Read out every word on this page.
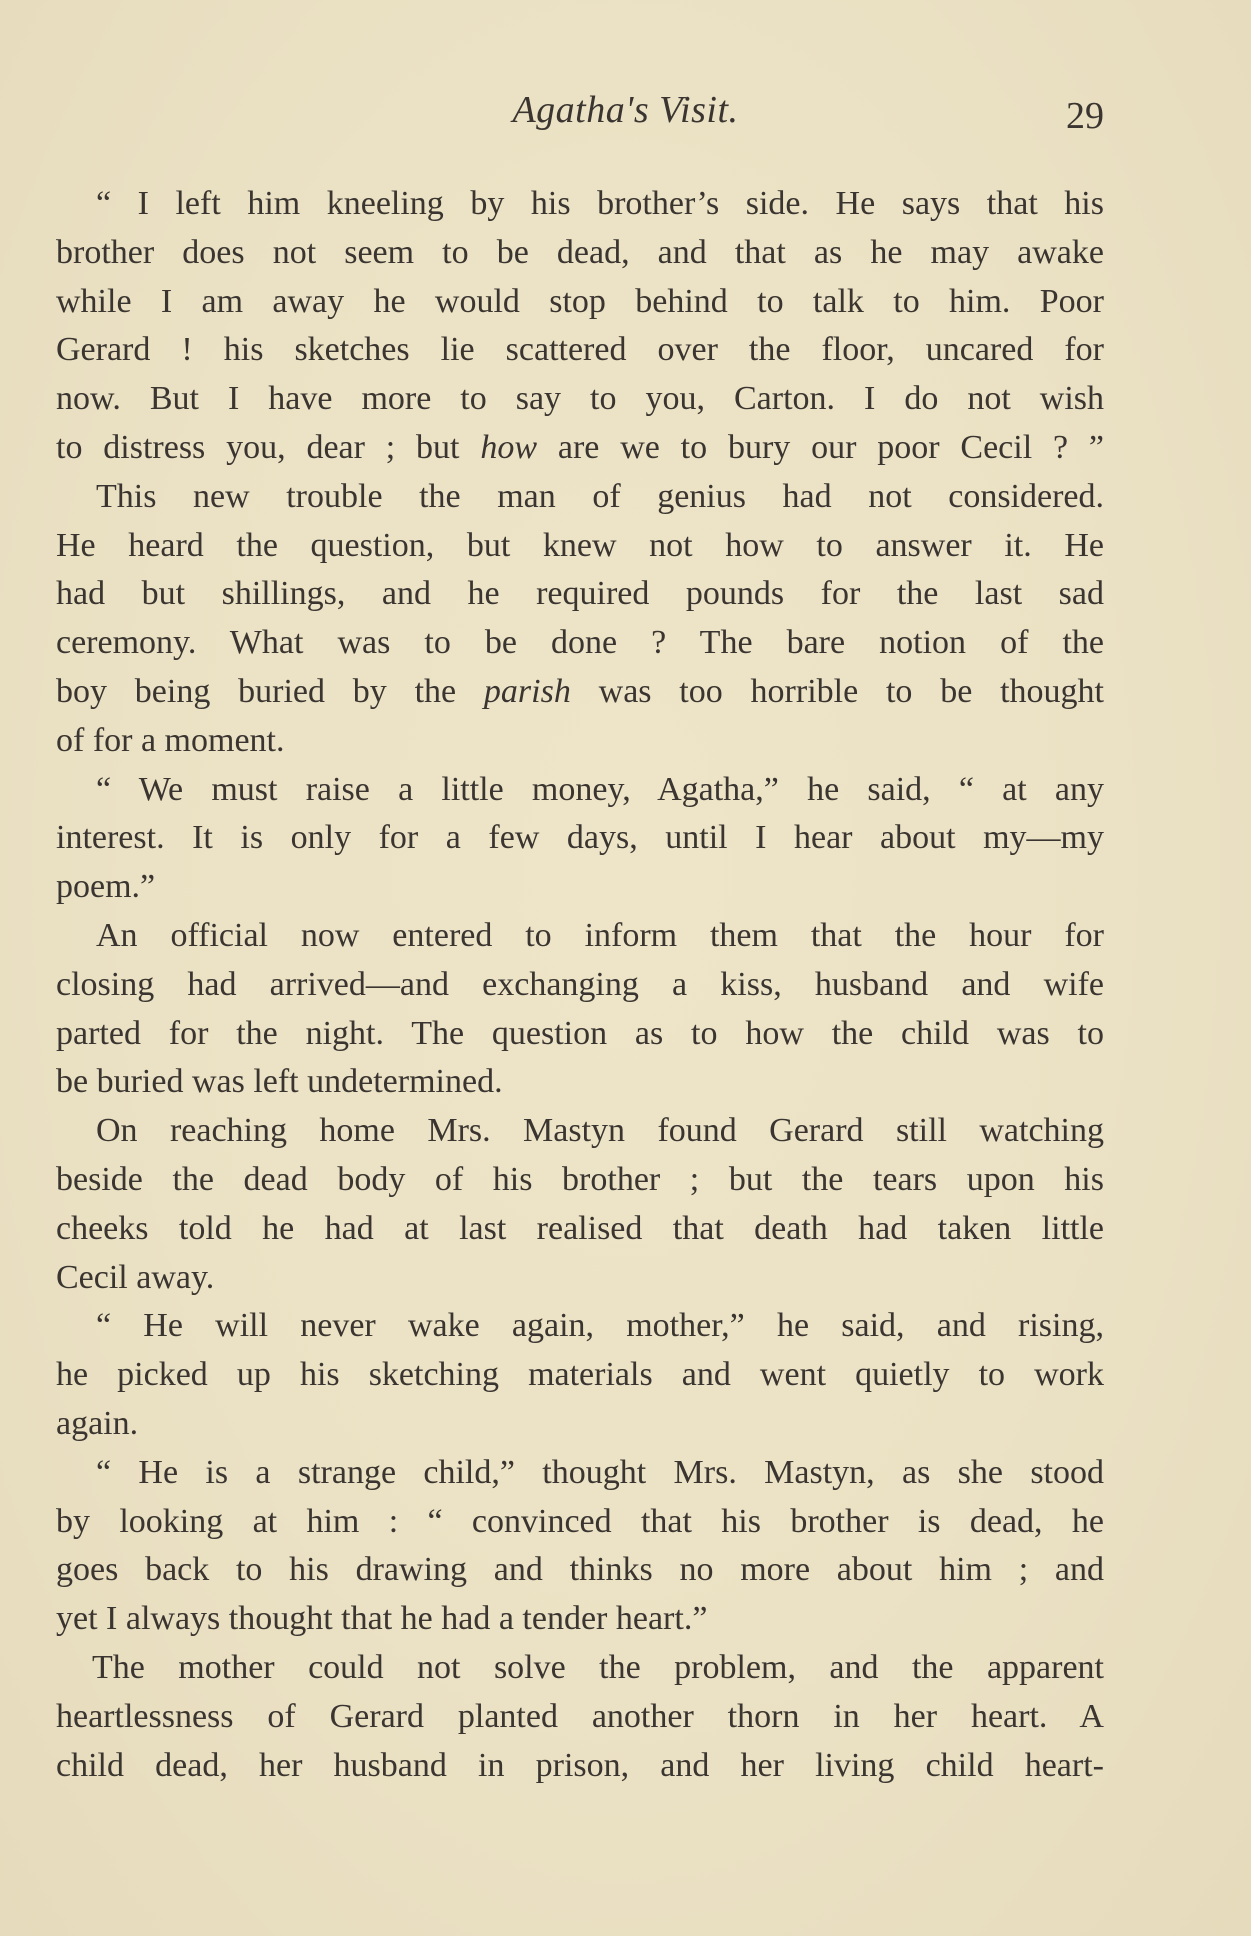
Agatha's Visit.	29
“ I left him kneeling by his brother’s side. He says that his
brother does not seem to be dead, and that as he may awake
while I am away he would stop behind to talk to him. Poor
Gerard ! his sketches lie scattered over the floor, uncared for
now. But I have more to say to you, Carton. I do not wish
to distress you, dear ; but how are we to bury our poor Cecil ? ”
This new trouble the man of genius had not considered.
He heard the question, but knew not how to answer it. He
had but shillings, and he required pounds for the last sad
ceremony. What was to be done ? The bare notion of the
boy being buried by the parish was too horrible to be thought
of for a moment.
“ We must raise a little money, Agatha,” he said, “ at any
interest. It is only for a few days, until I hear about my—my
poem.”
An official now entered to inform them that the hour for
closing had arrived—and exchanging a kiss, husband and wife
parted for the night. The question as to how the child was to
be buried was left undetermined.
On reaching home Mrs. Mastyn found Gerard still watching
beside the dead body of his brother ; but the tears upon his
cheeks told he had at last realised that death had taken little
Cecil away.
“ He will never wake again, mother,” he said, and rising,
he picked up his sketching materials and went quietly to work
again.
“ He is a strange child,” thought Mrs. Mastyn, as she stood
by looking at him : “ convinced that his brother is dead, he
goes back to his drawing and thinks no more about him ; and
yet I always thought that he had a tender heart.”
The mother could not solve the problem, and the apparent
heartlessness of Gerard planted another thorn in her heart. A
child dead, her husband in prison, and her living child heart-
